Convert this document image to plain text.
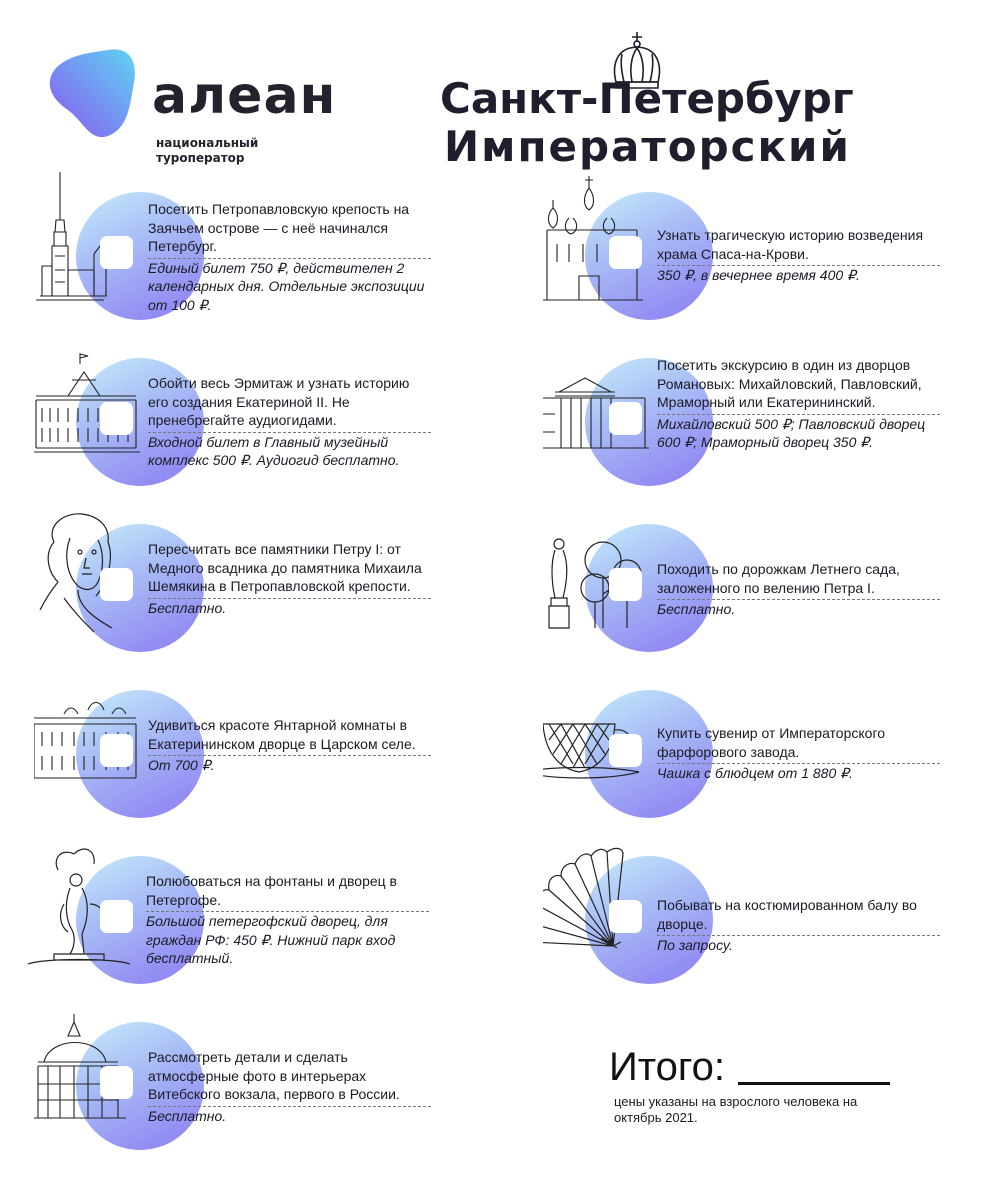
алеан
национальный туроператор
Санкт-Петербург
Императорский
Посетить Петропавловскую крепость на Заячьем острове — с неё начинался Петербург.
Единый билет 750 ₽, действителен 2 календарных дня. Отдельные экспозиции от 100 ₽.
Обойти весь Эрмитаж и узнать историю его создания Екатериной II. Не пренебрегайте аудиогидами.
Входной билет в Главный музейный комплекс 500 ₽. Аудиогид бесплатно.
Пересчитать все памятники Петру I: от Медного всадника до памятника Михаила Шемякина в Петропавловской крепости.
Бесплатно.
Удивиться красоте Янтарной комнаты в Екатерининском дворце в Царском селе.
От 700 ₽.
Полюбоваться на фонтаны и дворец в Петергофе.
Большой петергофский дворец, для граждан РФ: 450 ₽. Нижний парк вход бесплатный.
Рассмотреть детали и сделать атмосферные фото в интерьерах Витебского вокзала, первого в России.
Бесплатно.
Узнать трагическую историю возведения храма Спаса-на-Крови.
350 ₽, в вечернее время 400 ₽.
Посетить экскурсию в один из дворцов Романовых: Михайловский, Павловский, Мраморный или Екатерининский.
Михайловский 500 ₽; Павловский дворец 600 ₽; Мраморный дворец 350 ₽.
Походить по дорожкам Летнего сада, заложенного по велению Петра I.
Бесплатно.
Купить сувенир от Императорского фарфорового завода.
Чашка с блюдцем от 1 880 ₽.
Побывать на костюмированном балу во дворце.
По запросу.
Итого:
цены указаны на взрослого человека на октябрь 2021.
